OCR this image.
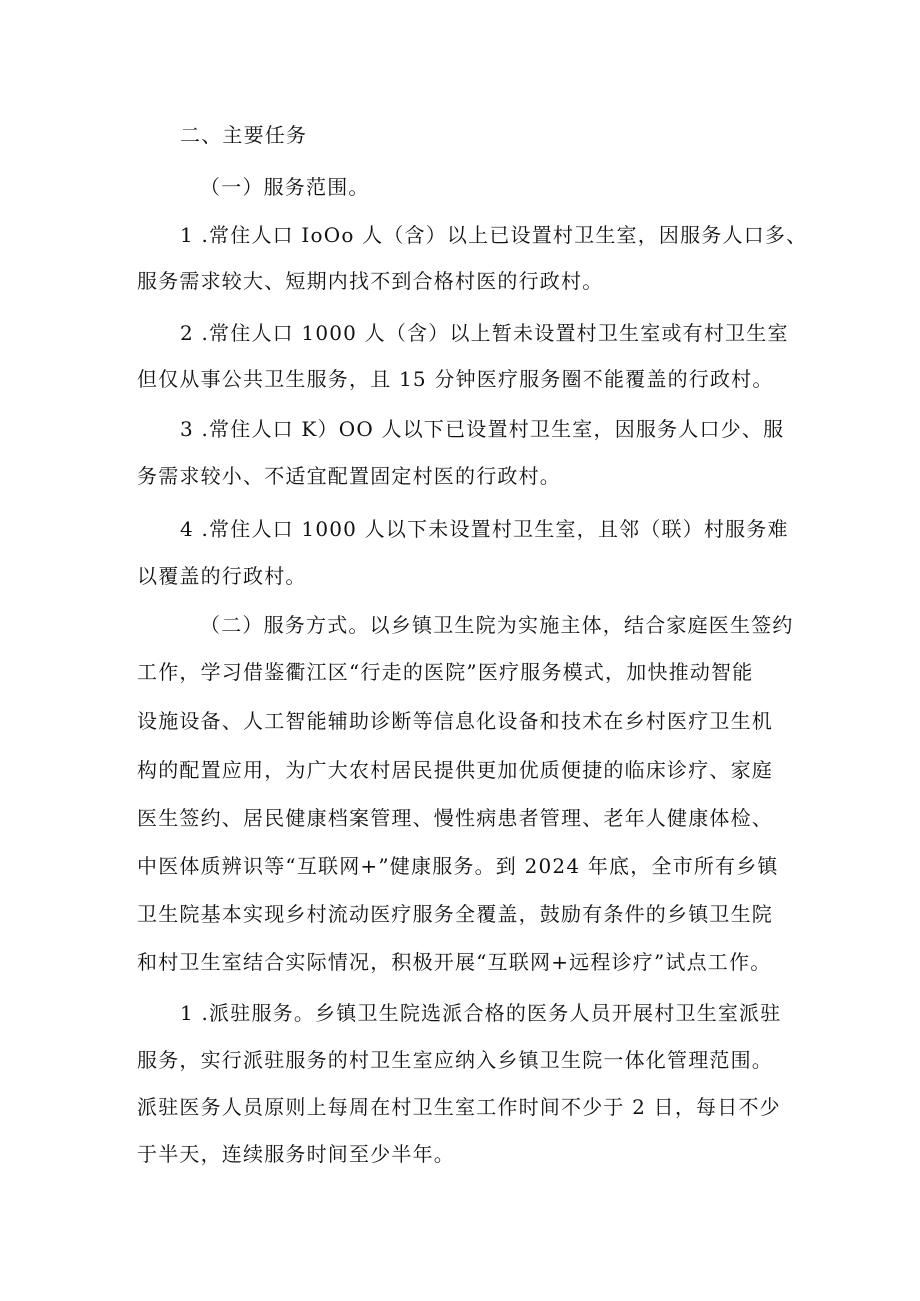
二、主要任务
（一）服务范围。
1 .常住人口 IoOo 人（含）以上已设置村卫生室，因服务人口多、
服务需求较大、短期内找不到合格村医的行政村。
2 .常住人口 1000 人（含）以上暂未设置村卫生室或有村卫生室
但仅从事公共卫生服务，且 15 分钟医疗服务圈不能覆盖的行政村。
3 .常住人口 K）OO 人以下已设置村卫生室，因服务人口少、服
务需求较小、不适宜配置固定村医的行政村。
4 .常住人口 1000 人以下未设置村卫生室，且邻（联）村服务难
以覆盖的行政村。
（二）服务方式。以乡镇卫生院为实施主体，结合家庭医生签约
工作，学习借鉴衢江区“行走的医院”医疗服务模式，加快推动智能
设施设备、人工智能辅助诊断等信息化设备和技术在乡村医疗卫生机
构的配置应用，为广大农村居民提供更加优质便捷的临床诊疗、家庭
医生签约、居民健康档案管理、慢性病患者管理、老年人健康体检、
中医体质辨识等“互联网+”健康服务。到 2024 年底，全市所有乡镇
卫生院基本实现乡村流动医疗服务全覆盖，鼓励有条件的乡镇卫生院
和村卫生室结合实际情况，积极开展“互联网+远程诊疗”试点工作。
1 .派驻服务。乡镇卫生院选派合格的医务人员开展村卫生室派驻
服务，实行派驻服务的村卫生室应纳入乡镇卫生院一体化管理范围。
派驻医务人员原则上每周在村卫生室工作时间不少于 2 日，每日不少
于半天，连续服务时间至少半年。
